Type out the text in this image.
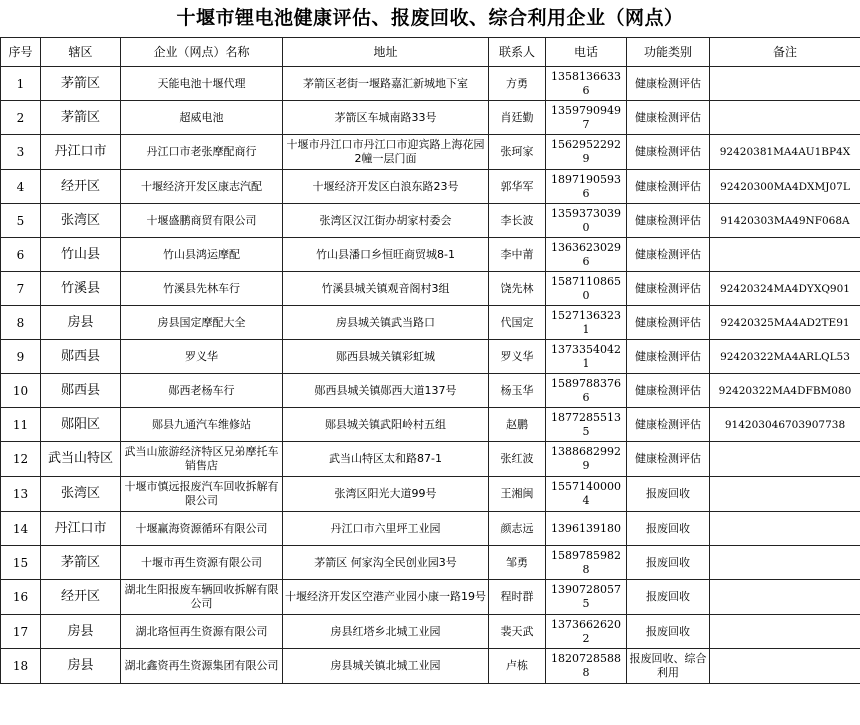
十堰市锂电池健康评估、报废回收、综合利用企业（网点）
序号	辖区	企业（网点）名称	地址	联系人	电话	功能类别	备注
1	茅箭区	天能电池十堰代理	茅箭区老街一堰路嘉汇新城地下室	方勇	13581366336	健康检测评估	
2	茅箭区	超威电池	茅箭区车城南路33号	肖廷勤	13597909497	健康检测评估	
3	丹江口市	丹江口市老张摩配商行	十堰市丹江口市丹江口市迎宾路上海花园2幢一层门面	张珂家	15629522929	健康检测评估	92420381MA4AU1BP4X
4	经开区	十堰经济开发区康志汽配	十堰经济开发区白浪东路23号	郭华军	18971905936	健康检测评估	92420300MA4DXMJ07L
5	张湾区	十堰盛鹏商贸有限公司	张湾区汉江街办胡家村委会	李长波	13593730390	健康检测评估	91420303MA49NF068A
6	竹山县	竹山县鸿运摩配	竹山县潘口乡恒旺商贸城8-1	李中莆	13636230296	健康检测评估	
7	竹溪县	竹溪县先林车行	竹溪县城关镇观音阁村3组	饶先林	15871108650	健康检测评估	92420324MA4DYXQ901
8	房县	房县国定摩配大全	房县城关镇武当路口	代国定	15271363231	健康检测评估	92420325MA4AD2TE91
9	郧西县	罗义华	郧西县城关镇彩虹城	罗义华	13733540421	健康检测评估	92420322MA4ARLQL53
10	郧西县	郧西老杨车行	郧西县城关镇郧西大道137号	杨玉华	15897883766	健康检测评估	92420322MA4DFBM080
11	郧阳区	郧县九通汽车维修站	郧县城关镇武阳岭村五组	赵鹏	18772855135	健康检测评估	914203046703907738
12	武当山特区	武当山旅游经济特区兄弟摩托车销售店	武当山特区太和路87-1	张红波	13886829929	健康检测评估	
13	张湾区	十堰市慎远报废汽车回收拆解有限公司	张湾区阳光大道99号	王湘闽	15571400004	报废回收	
14	丹江口市	十堰赢海资源循环有限公司	丹江口市六里坪工业园	颜志远	1396139180	报废回收	
15	茅箭区	十堰市再生资源有限公司	茅箭区 何家沟全民创业园3号	邹勇	15897859828	报废回收	
16	经开区	湖北生阳报废车辆回收拆解有限公司	十堰经济开发区空港产业园小康一路19号	程时群	13907280575	报废回收	
17	房县	湖北珞恒再生资源有限公司	房县红塔乡北城工业园	裴天武	13736626202	报废回收	
18	房县	湖北鑫资再生资源集团有限公司	房县城关镇北城工业园	卢栋	18207285888	报废回收、综合利用	
